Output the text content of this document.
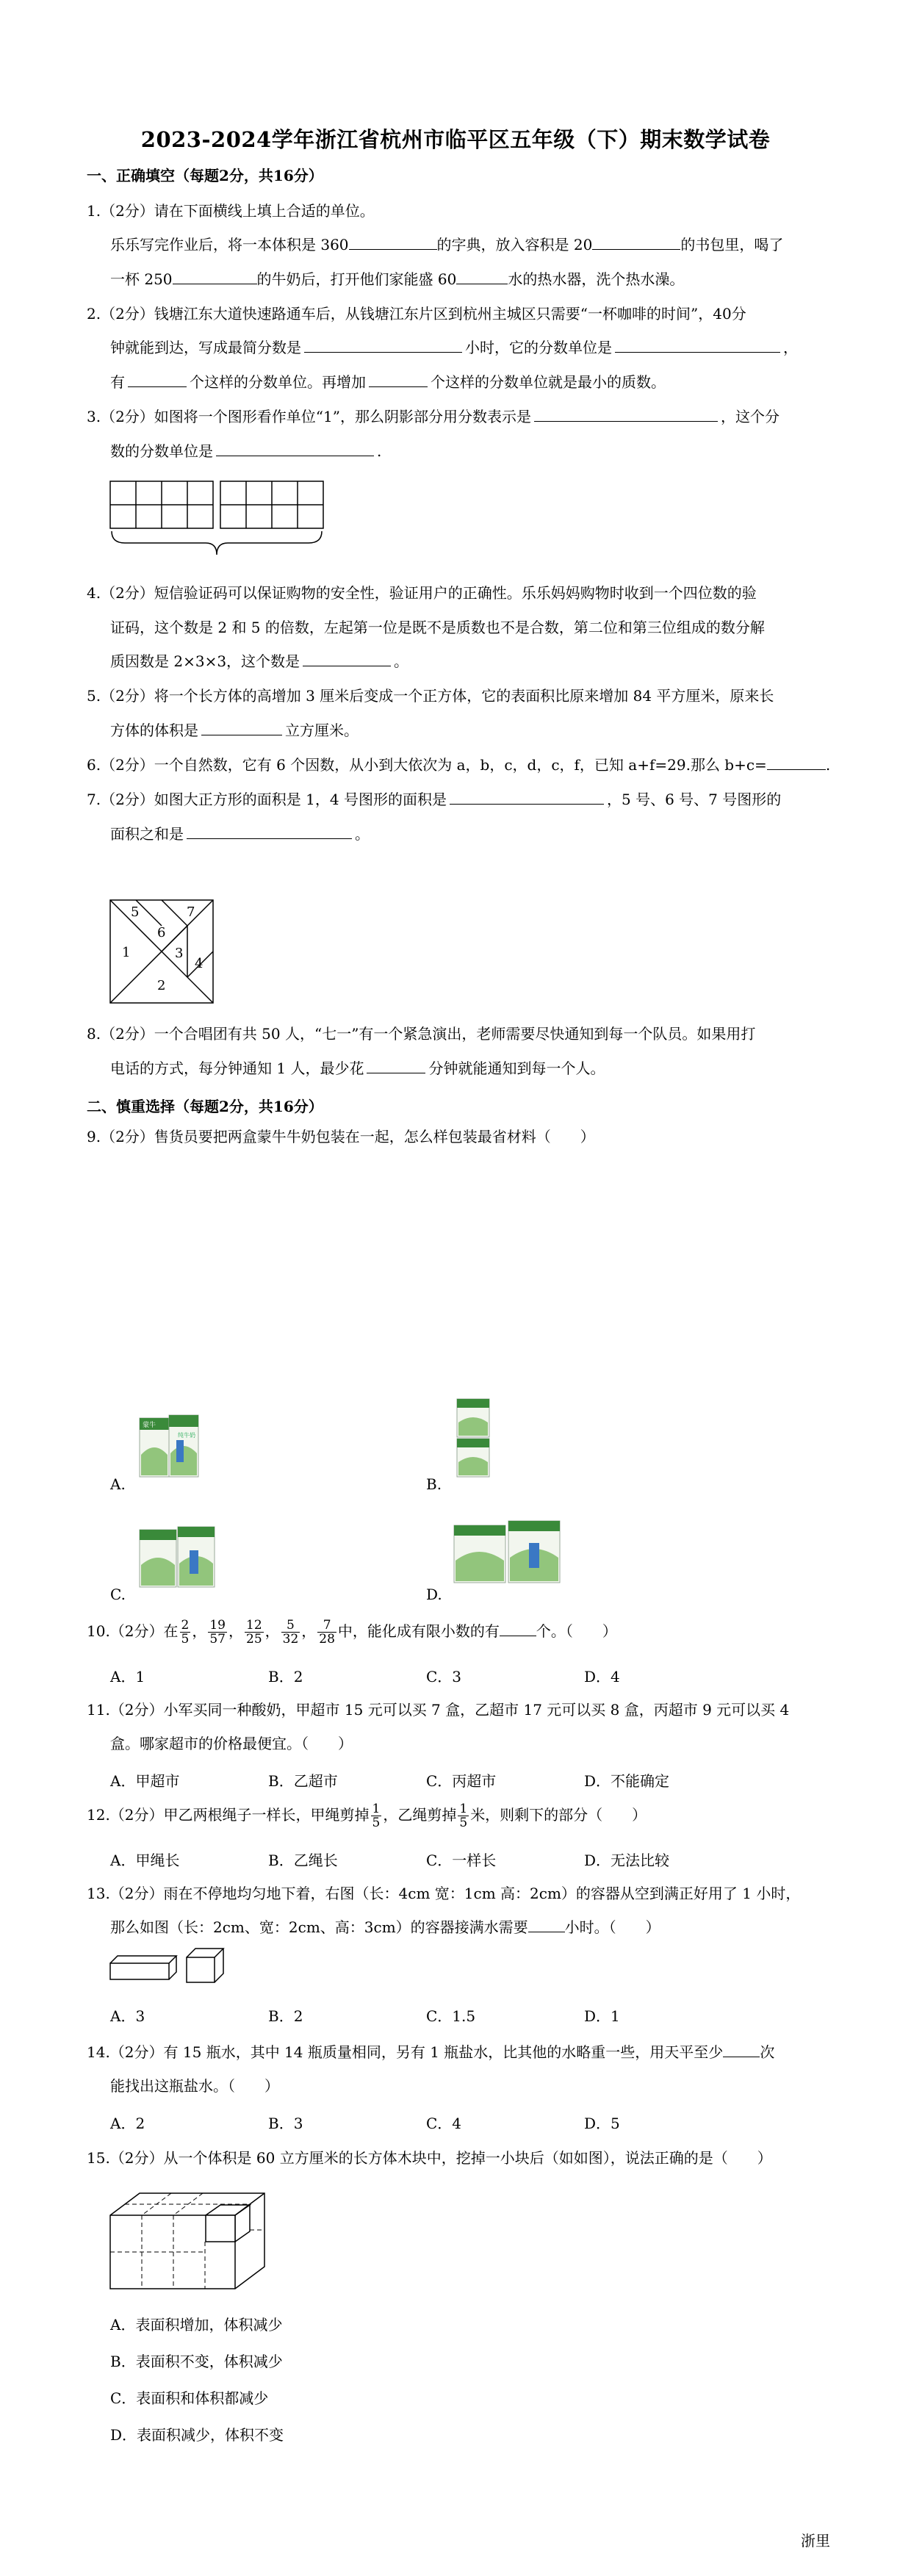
2023-2024学年浙江省杭州市临平区五年级（下）期末数学试卷
一、正确填空（每题2分，共16分）
1.（2分）请在下面横线上填上合适的单位。
乐乐写完作业后，将一本体积是 360	的字典，放入容积是 20	的书包里，喝了
一杯 250	的牛奶后，打开他们家能盛 60	水的热水器，洗个热水澡。
2.（2分）钱塘江东大道快速路通车后，从钱塘江东片区到杭州主城区只需要“一杯咖啡的时间”，40分
钟就能到达，写成最简分数是	小时，它的分数单位是	，
有	个这样的分数单位。再增加	个这样的分数单位就是最小的质数。
3.（2分）如图将一个图形看作单位“1”，那么阴影部分用分数表示是	，这个分
数的分数单位是	.
4.（2分）短信验证码可以保证购物的安全性，验证用户的正确性。乐乐妈妈购物时收到一个四位数的验
证码，这个数是 2 和 5 的倍数，左起第一位是既不是质数也不是合数，第二位和第三位组成的数分解
质因数是 2×3×3，这个数是	。
5.（2分）将一个长方体的高增加 3 厘米后变成一个正方体，它的表面积比原来增加 84 平方厘米，原来长
方体的体积是	立方厘米。
6.（2分）一个自然数，它有 6 个因数，从小到大依次为 a，b，c，d，c，f，已知 a+f=29.那么 b+c=	.
7.（2分）如图大正方形的面积是 1，4 号图形的面积是	，5 号、6 号、7 号图形的
面积之和是	。
5	7
6
1	3
4
2
8.（2分）一个合唱团有共 50 人，“七一”有一个紧急演出，老师需要尽快通知到每一个队员。如果用打
电话的方式，每分钟通知 1 人，最少花	分钟就能通知到每一个人。
二、慎重选择（每题2分，共16分）
9.（2分）售货员要把两盒蒙牛牛奶包装在一起，怎么样包装最省材料（　　）
A.
蒙牛
纯牛奶
B.
C.	D.
10.（2分）在 $\frac{2}{5}$ ， $\frac{19}{57}$ ， $\frac{12}{25}$ ， $\frac{5}{32}$ ， $\frac{7}{28}$ 中，能化成有限小数的有	个。（　　）
A．1	B．2	C．3	D．4
11.（2分）小军买同一种酸奶，甲超市 15 元可以买 7 盒，乙超市 17 元可以买 8 盒，丙超市 9 元可以买 4
盒。哪家超市的价格最便宜。（　　）
A．甲超市	B．乙超市	C．丙超市	D．不能确定
12.（2分）甲乙两根绳子一样长，甲绳剪掉 $\frac{1}{5}$ ，乙绳剪掉 $\frac{1}{5}$ 米，则剩下的部分（　　）
A．甲绳长	B．乙绳长	C．一样长	D．无法比较
13.（2分）雨在不停地均匀地下着，右图（长：4cm 宽：1cm 高：2cm）的容器从空到满正好用了 1 小时，
那么如图（长：2cm、宽：2cm、高：3cm）的容器接满水需要	小时。（　　）
A．3	B．2	C．1.5	D．1
14.（2分）有 15 瓶水，其中 14 瓶质量相同，另有 1 瓶盐水，比其他的水略重一些，用天平至少	次
能找出这瓶盐水。（　　）
A．2	B．3	C．4	D．5
15.（2分）从一个体积是 60 立方厘米的长方体木块中，挖掉一小块后（如如图），说法正确的是（　　）
A．表面积增加，体积减少
B．表面积不变，体积减少
C．表面积和体积都减少
D．表面积减少，体积不变
浙里
